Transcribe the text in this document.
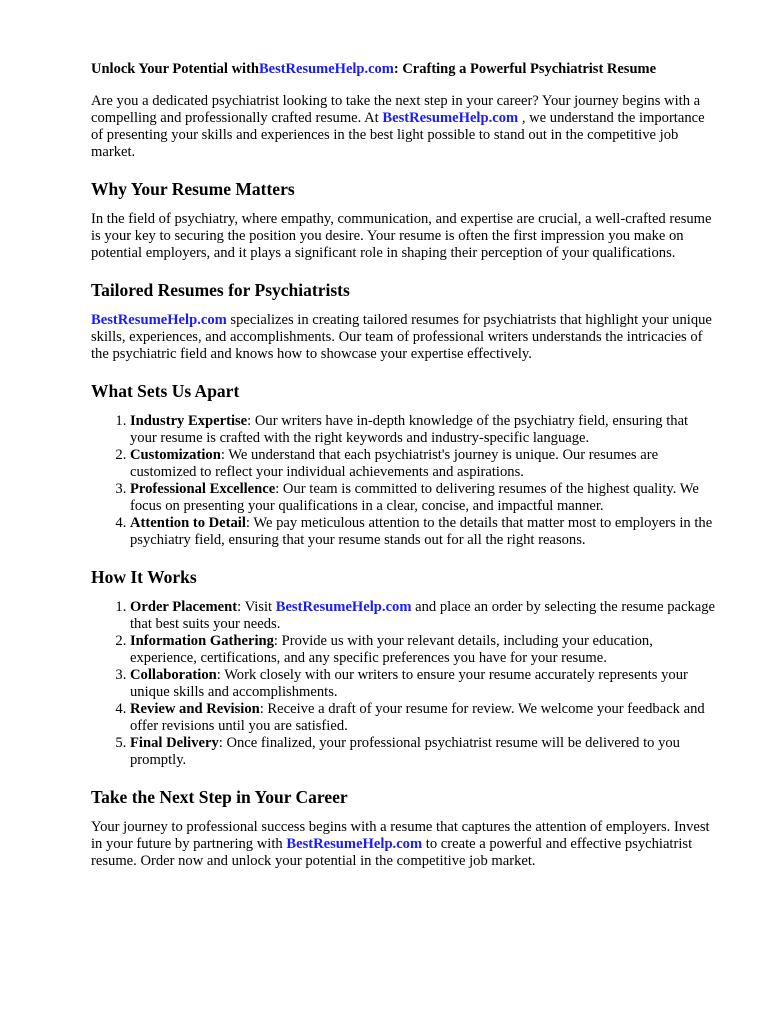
Unlock Your Potential withBestResumeHelp.com: Crafting a Powerful Psychiatrist Resume

Are you a dedicated psychiatrist looking to take the next step in your career? Your journey begins with a compelling and professionally crafted resume. At BestResumeHelp.com , we understand the importance of presenting your skills and experiences in the best light possible to stand out in the competitive job market.

Why Your Resume Matters

In the field of psychiatry, where empathy, communication, and expertise are crucial, a well-crafted resume is your key to securing the position you desire. Your resume is often the first impression you make on potential employers, and it plays a significant role in shaping their perception of your qualifications.

Tailored Resumes for Psychiatrists

BestResumeHelp.com specializes in creating tailored resumes for psychiatrists that highlight your unique skills, experiences, and accomplishments. Our team of professional writers understands the intricacies of the psychiatric field and knows how to showcase your expertise effectively.

What Sets Us Apart
1. Industry Expertise: Our writers have in-depth knowledge of the psychiatry field, ensuring that your resume is crafted with the right keywords and industry-specific language.
2. Customization: We understand that each psychiatrist's journey is unique. Our resumes are customized to reflect your individual achievements and aspirations.
3. Professional Excellence: Our team is committed to delivering resumes of the highest quality. We focus on presenting your qualifications in a clear, concise, and impactful manner.
4. Attention to Detail: We pay meticulous attention to the details that matter most to employers in the psychiatry field, ensuring that your resume stands out for all the right reasons.
How It Works
1. Order Placement: Visit BestResumeHelp.com and place an order by selecting the resume package that best suits your needs.
2. Information Gathering: Provide us with your relevant details, including your education, experience, certifications, and any specific preferences you have for your resume.
3. Collaboration: Work closely with our writers to ensure your resume accurately represents your unique skills and accomplishments.
4. Review and Revision: Receive a draft of your resume for review. We welcome your feedback and offer revisions until you are satisfied.
5. Final Delivery: Once finalized, your professional psychiatrist resume will be delivered to you promptly.
Take the Next Step in Your Career

Your journey to professional success begins with a resume that captures the attention of employers. Invest in your future by partnering with BestResumeHelp.com to create a powerful and effective psychiatrist resume. Order now and unlock your potential in the competitive job market.
